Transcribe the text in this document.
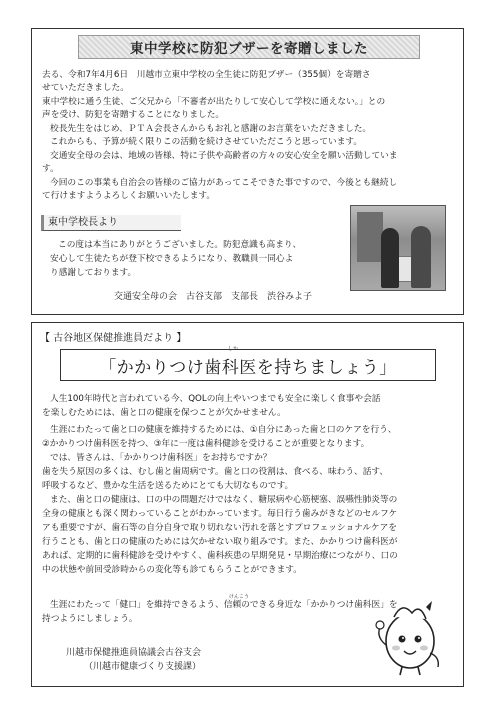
東中学校に防犯ブザーを寄贈しました
去る、令和7年4月6日　川越市立東中学校の全生徒に防犯ブザー（355個）を寄贈さ
せていただきました。
東中学校に通う生徒、ご父兄から「不審者が出たりして安心して学校に通えない。」との
声を受け、防犯を寄贈することになりました。
校長先生をはじめ、ＰＴＡ会長さんからもお礼と感謝のお言葉をいただきました。
これからも、予算が続く限りこの活動を続けさせていただこうと思っています。
交通安全母の会は、地域の皆様、特に子供や高齢者の方々の安心安全を願い活動していま
す。
今回のこの事業も自治会の皆様のご協力があってこそできた事ですので、今後とも継続し
て行けますようよろしくお願いいたします。
東中学校長より
この度は本当にありがとうございました。防犯意識も高まり、
安心して生徒たちが登下校できるようになり、教職員一同心よ
り感謝しております。
交通安全母の会　古谷支部　支部長　渋谷みよ子
【 古谷地区保健推進員だより 】
しか
「かかりつけ歯科医を持ちましょう」
人生100年時代と言われている今、QOLの向上やいつまでも安全に楽しく食事や会話
を楽しむためには、歯と口の健康を保つことが欠かせません。
生涯にわたって歯と口の健康を維持するためには、①自分にあった歯と口のケアを行う、
②かかりつけ歯科医を持つ、③年に一度は歯科健診を受けることが重要となります。
では、皆さんは、「かかりつけ歯科医」をお持ちですか？
歯を失う原因の多くは、むし歯と歯周病です。歯と口の役割は、食べる、味わう、話す、
呼吸するなど、豊かな生活を送るためにとても大切なものです。
また、歯と口の健康は、口の中の問題だけではなく、糖尿病や心筋梗塞、誤嚥性肺炎等の
全身の健康とも深く関わっていることがわかっています。毎日行う歯みがきなどのセルフケ
アも重要ですが、歯石等の自分自身で取り切れない汚れを落とすプロフェッショナルケアを
行うことも、歯と口の健康のためには欠かせない取り組みです。また、かかりつけ歯科医が
あれば、定期的に歯科健診を受けやすく、歯科疾患の早期発見・早期治療につながり、口の
中の状態や前回受診時からの変化等も診てもらうことができます。
けんこう
生涯にわたって「健口」を維持できるよう、信頼のできる身近な「かかりつけ歯科医」を
持つようにしましょう。
川越市保健推進員協議会古谷支会
（川越市健康づくり支援課）
